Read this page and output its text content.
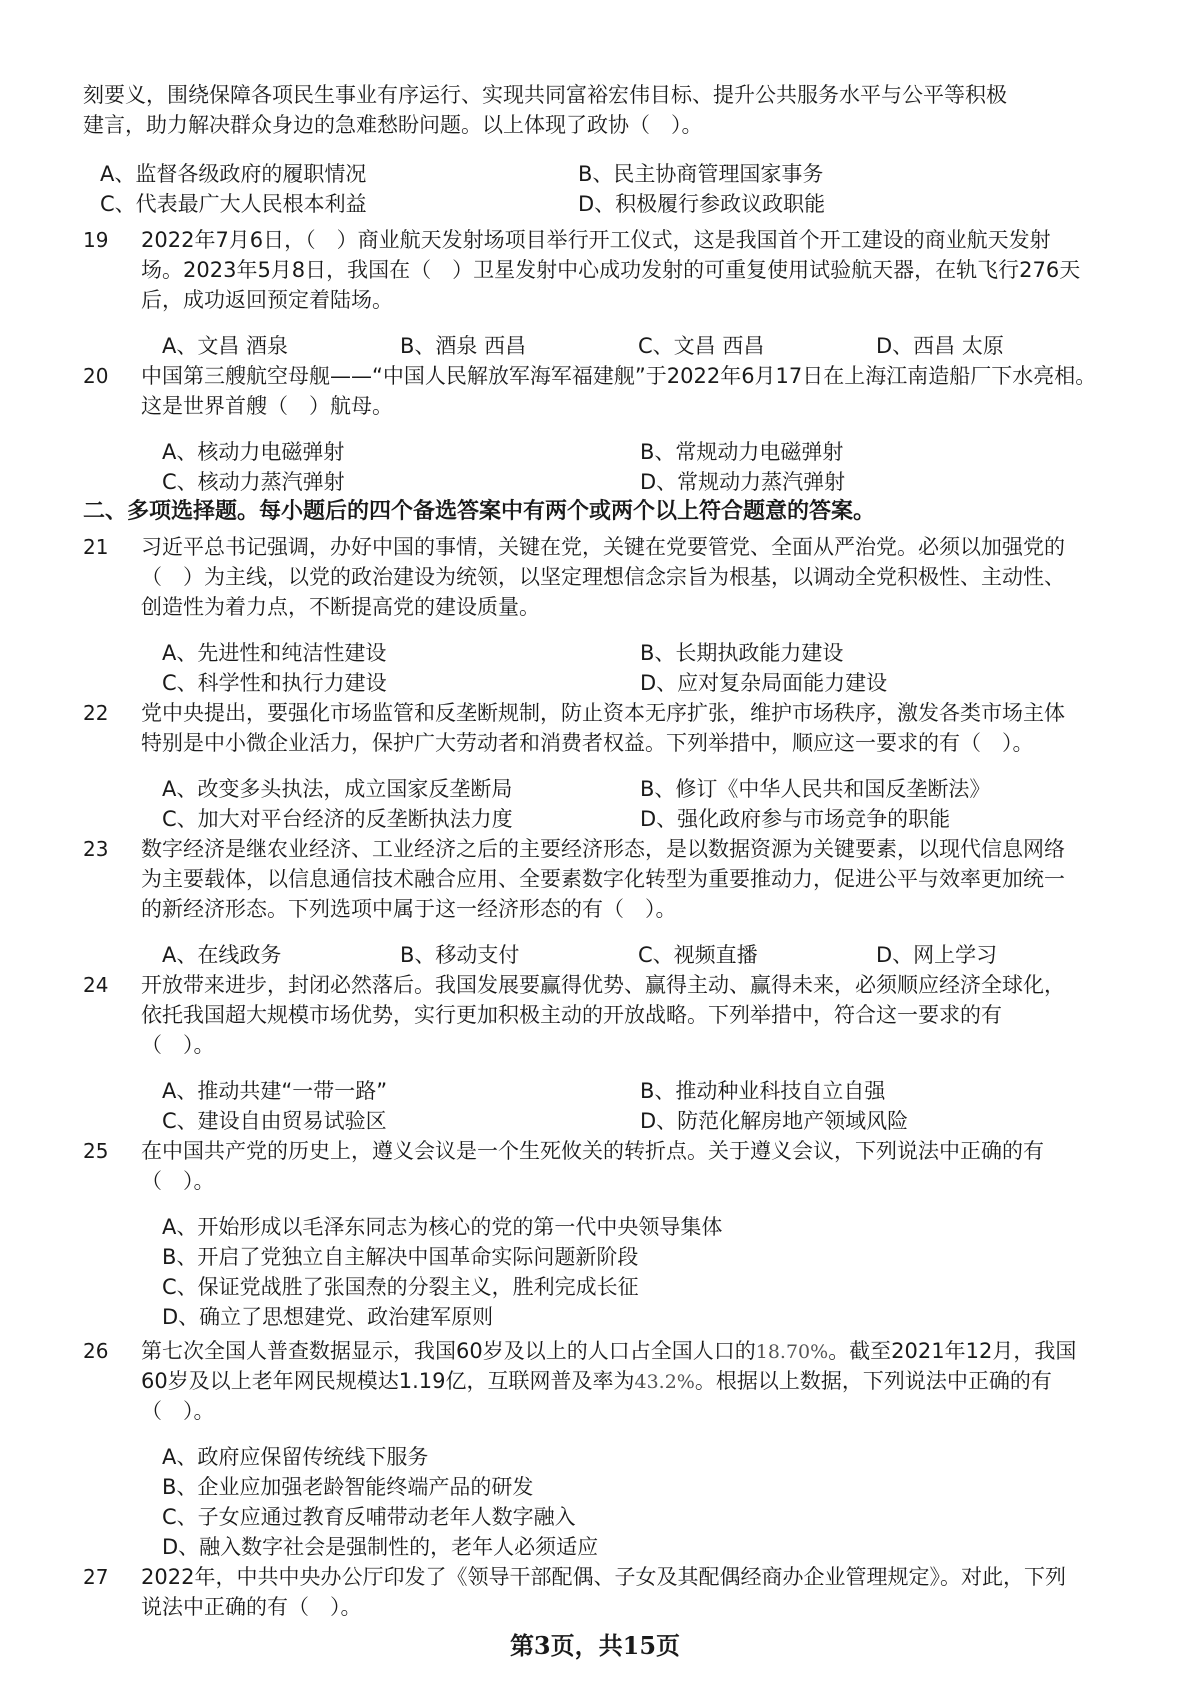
刻要义，围绕保障各项民生事业有序运行、实现共同富裕宏伟目标、提升公共服务水平与公平等积极
建言，助力解决群众身边的急难愁盼问题。以上体现了政协（　）。
A、监督各级政府的履职情况	B、民主协商管理国家事务
C、代表最广大人民根本利益	D、积极履行参政议政职能
19 2022年7月6日，（　）商业航天发射场项目举行开工仪式，这是我国首个开工建设的商业航天发射
场。2023年5月8日，我国在（　）卫星发射中心成功发射的可重复使用试验航天器，在轨飞行276天
后，成功返回预定着陆场。
A、文昌 酒泉	B、酒泉 西昌	C、文昌 西昌	D、西昌 太原
20 中国第三艘航空母舰——“中国人民解放军海军福建舰”于2022年6月17日在上海江南造船厂下水亮相。
这是世界首艘（　）航母。
A、核动力电磁弹射	B、常规动力电磁弹射
C、核动力蒸汽弹射	D、常规动力蒸汽弹射
二、多项选择题。每小题后的四个备选答案中有两个或两个以上符合题意的答案。
21 习近平总书记强调，办好中国的事情，关键在党，关键在党要管党、全面从严治党。必须以加强党的
（　）为主线，以党的政治建设为统领，以坚定理想信念宗旨为根基，以调动全党积极性、主动性、
创造性为着力点，不断提高党的建设质量。
A、先进性和纯洁性建设	B、长期执政能力建设
C、科学性和执行力建设	D、应对复杂局面能力建设
22 党中央提出，要强化市场监管和反垄断规制，防止资本无序扩张，维护市场秩序，激发各类市场主体
特别是中小微企业活力，保护广大劳动者和消费者权益。下列举措中，顺应这一要求的有（　）。
A、改变多头执法，成立国家反垄断局	B、修订《中华人民共和国反垄断法》
C、加大对平台经济的反垄断执法力度	D、强化政府参与市场竞争的职能
23 数字经济是继农业经济、工业经济之后的主要经济形态，是以数据资源为关键要素，以现代信息网络
为主要载体，以信息通信技术融合应用、全要素数字化转型为重要推动力，促进公平与效率更加统一
的新经济形态。下列选项中属于这一经济形态的有（　）。
A、在线政务	B、移动支付	C、视频直播	D、网上学习
24 开放带来进步，封闭必然落后。我国发展要赢得优势、赢得主动、赢得未来，必须顺应经济全球化，
依托我国超大规模市场优势，实行更加积极主动的开放战略。下列举措中，符合这一要求的有
（　）。
A、推动共建“一带一路”	B、推动种业科技自立自强
C、建设自由贸易试验区	D、防范化解房地产领域风险
25 在中国共产党的历史上，遵义会议是一个生死攸关的转折点。关于遵义会议，下列说法中正确的有
（　）。
A、开始形成以毛泽东同志为核心的党的第一代中央领导集体
B、开启了党独立自主解决中国革命实际问题新阶段
C、保证党战胜了张国焘的分裂主义，胜利完成长征
D、确立了思想建党、政治建军原则
26 第七次全国人普查数据显示，我国60岁及以上的人口占全国人口的18.70%。截至2021年12月，我国
60岁及以上老年网民规模达1.19亿，互联网普及率为43.2%。根据以上数据，下列说法中正确的有
（　）。
A、政府应保留传统线下服务
B、企业应加强老龄智能终端产品的研发
C、子女应通过教育反哺带动老年人数字融入
D、融入数字社会是强制性的，老年人必须适应
27 2022年，中共中央办公厅印发了《领导干部配偶、子女及其配偶经商办企业管理规定》。对此，下列
说法中正确的有（　）。
第3页，共15页
